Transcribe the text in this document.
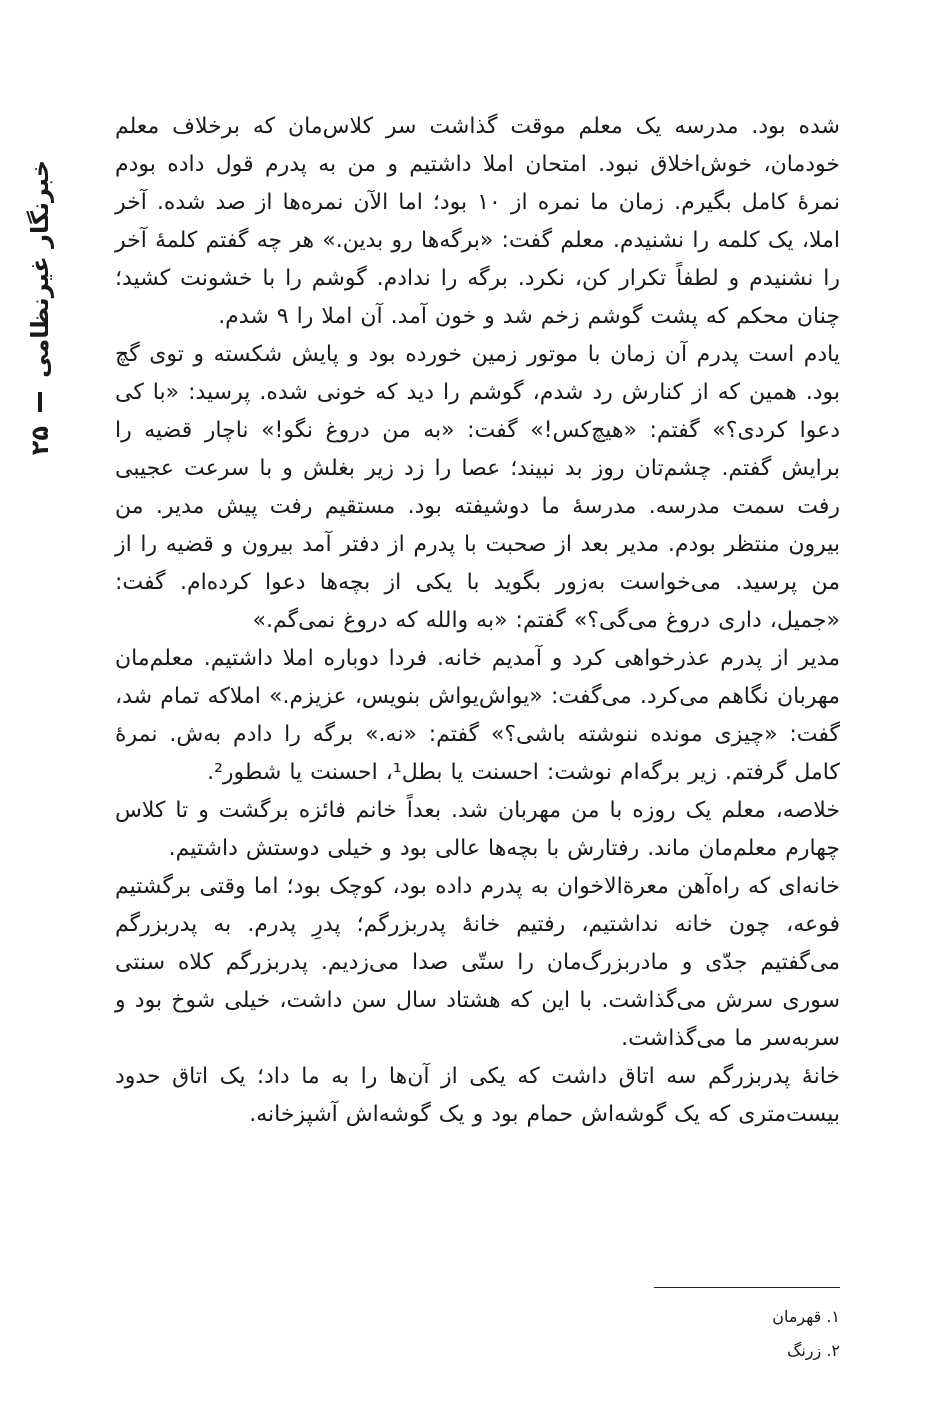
خبرنگار غیرنظامی
۲۵

شده بود. مدرسه یک معلم موقت گذاشت سر کلاس‌مان که برخلاف معلم خودمان، خوش‌اخلاق نبود. امتحان املا داشتیم و من به پدرم قول داده بودم نمرهٔ کامل بگیرم. زمان ما نمره از ۱۰ بود؛ اما الآن نمره‌ها از صد شده. آخر املا، یک کلمه را نشنیدم. معلم گفت: «برگه‌ها رو بدین.» هر چه گفتم کلمهٔ آخر را نشنیدم و لطفاً تکرار کن، نکرد. برگه را ندادم. گوشم را با خشونت کشید؛ چنان محکم که پشت گوشم زخم شد و خون آمد. آن املا را ۹ شدم.

یادم است پدرم آن زمان با موتور زمین خورده بود و پایش شکسته و توی گچ بود. همین که از کنارش رد شدم، گوشم را دید که خونی شده. پرسید: «با کی دعوا کردی؟» گفتم: «هیچ‌کس!» گفت: «به من دروغ نگو!» ناچار قضیه را برایش گفتم. چشم‌تان روز بد نبیند؛ عصا را زد زیر بغلش و با سرعت عجیبی رفت سمت مدرسه. مدرسهٔ ما دوشیفته بود. مستقیم رفت پیش مدیر. من بیرون منتظر بودم. مدیر بعد از صحبت با پدرم از دفتر آمد بیرون و قضیه را از من پرسید. می‌خواست به‌زور بگوید با یکی از بچه‌ها دعوا کرده‌ام. گفت: «جمیل، داری دروغ می‌گی؟» گفتم: «به والله که دروغ نمی‌گم.»

مدیر از پدرم عذرخواهی کرد و آمدیم خانه. فردا دوباره املا داشتیم. معلم‌مان مهربان نگاهم می‌کرد. می‌گفت: «یواش‌یواش بنویس، عزیزم.» املاکه تمام شد، گفت: «چیزی مونده ننوشته باشی؟» گفتم: «نه.» برگه را دادم به‌ش. نمرهٔ کامل گرفتم. زیر برگه‌ام نوشت: احسنت یا بطل¹، احسنت یا شطور².

خلاصه، معلم یک روزه با من مهربان شد. بعداً خانم فائزه برگشت و تا کلاس چهارم معلم‌مان ماند. رفتارش با بچه‌ها عالی بود و خیلی دوستش داشتیم.

خانه‌ای که راه‌آهن معرة‌الاخوان به پدرم داده بود، کوچک بود؛ اما وقتی برگشتیم فوعه، چون خانه نداشتیم، رفتیم خانهٔ پدربزرگم؛ پدرِ پدرم. به پدربزرگم می‌گفتیم جدّی و مادربزرگ‌مان را ستّی صدا می‌زدیم. پدربزرگم کلاه سنتی سوری سرش می‌گذاشت. با این که هشتاد سال سن داشت، خیلی شوخ بود و سربه‌سر ما می‌گذاشت.

خانهٔ پدربزرگم سه اتاق داشت که یکی از آن‌ها را به ما داد؛ یک اتاق حدود بیست‌متری که یک گوشه‌اش حمام بود و یک گوشه‌اش آشپزخانه.

۱. قهرمان

۲. زرنگ
